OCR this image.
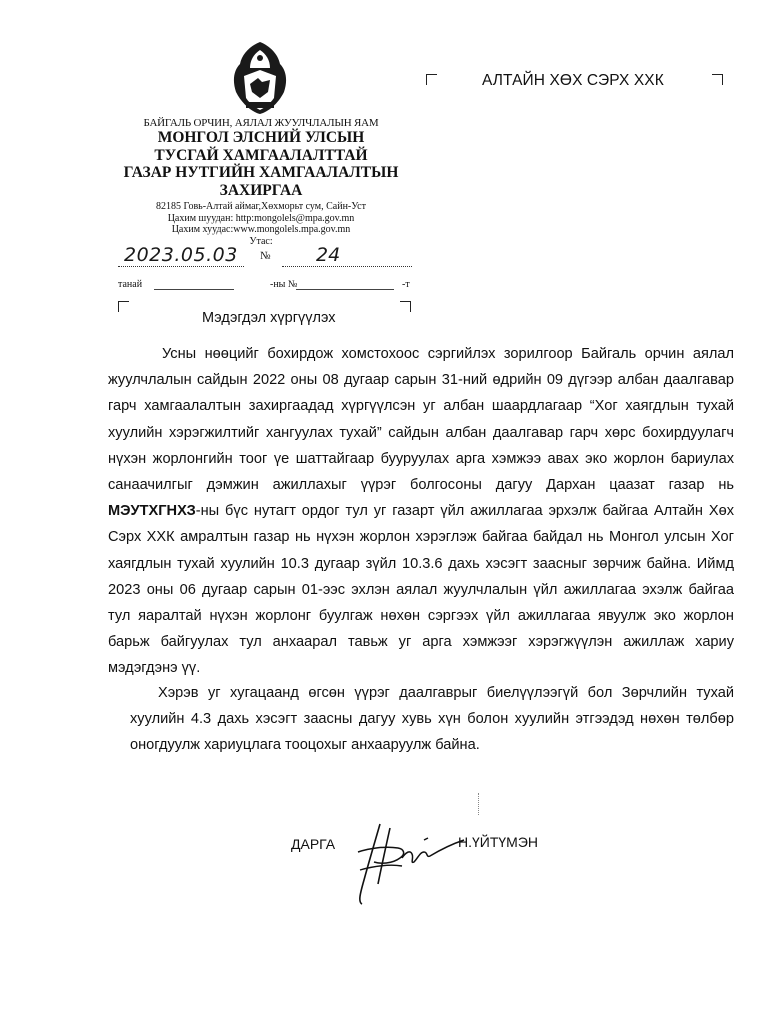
БАЙГАЛЬ ОРЧИН, АЯЛАЛ ЖУУЛЧЛАЛЫН ЯАМ
МОНГОЛ ЭЛСНИЙ УЛСЫН
ТУСГАЙ ХАМГААЛАЛТТАЙ
ГАЗАР НУТГИЙН ХАМГААЛАЛТЫН
ЗАХИРГАА
82185 Говь-Алтай аймаг,Хөхморьт сум, Сайн-Уст
Цахим шуудан: http:mongolels@mpa.gov.mn
Цахим хуудас:www.mongolels.mpa.gov.mn
Утас:
2023.05.03 № 24
танай	-ны №	-т
АЛТАЙН ХӨХ СЭРХ ХХК
Мэдэгдэл хүргүүлэх

Усны нөөцийг бохирдож хомстохоос сэргийлэх зорилгоор Байгаль орчин аялал жуулчлалын сайдын 2022 оны 08 дугаар сарын 31-ний өдрийн 09 дүгээр албан даалгавар гарч хамгаалалтын захиргаадад хүргүүлсэн уг албан шаардлагаар “Хог хаягдлын тухай хуулийн хэрэгжилтийг хангуулах тухай” сайдын албан даалгавар гарч хөрс бохирдуулагч нүхэн жорлонгийн тоог үе шаттайгаар бууруулах арга хэмжээ авах эко жорлон бариулах санаачилгыг дэмжин ажиллахыг үүрэг болгосоны дагуу Дархан цаазат газар нь МЭУТХГНХЗ-ны бүс нутагт ордог тул уг газарт үйл ажиллагаа эрхэлж байгаа Алтайн Хөх Сэрх ХХК амралтын газар нь нүхэн жорлон хэрэглэж байгаа байдал нь Монгол улсын Хог хаягдлын тухай хуулийн 10.3 дугаар зүйл 10.3.6 дахь хэсэгт заасныг зөрчиж байна. Иймд 2023 оны 06 дугаар сарын 01-ээс эхлэн аялал жуулчлалын үйл ажиллагаа эхэлж байгаа тул яаралтай нүхэн жорлонг буулгаж нөхөн сэргээх үйл ажиллагаа явуулж эко жорлон барьж байгуулах тул анхаарал тавьж уг арга хэмжээг хэрэгжүүлэн ажиллаж хариу мэдэгдэнэ үү.

Хэрэв уг хугацаанд өгсөн үүрэг даалгаврыг биелүүлээгүй бол Зөрчлийн тухай хуулийн 4.3 дахь хэсэгт заасны дагуу хувь хүн болон хуулийн этгээдэд нөхөн төлбөр оногдуулж хариуцлага тооцохыг анхааруулж байна.

ДАРГА	Н.ҮЙТҮМЭН
